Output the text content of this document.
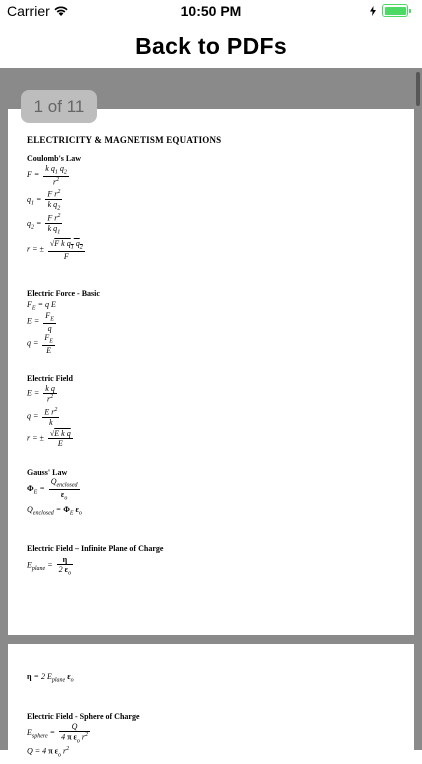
Carrier	10:50 PM
Back to PDFs
1 of 11
ELECTRICITY & MAGNETISM EQUATIONS
Coulomb's Law
$F = \frac{k q_1 q_2}{r^2}$
$q_1 = \frac{F r^2}{k q_2}$
$q_2 = \frac{F r^2}{k q_1}$
r = ± $\frac{√F k q_1 q_2}{F}$
Electric Force - Basic
$F_E = q$ E
$E = \frac{F_E}{q}$
$q = \frac{F_E}{E}$
Electric Field
$E = \frac{\text{k q}}{r^2}$
$q = \frac{E r^2}{k}$
r = ± $\frac{\text{√E k q}}{E}$
Gauss' Law
$\Phi_E = \frac{Q_{enclosed}}{\varepsilon_o}$
$Q_{enclosed} = \Phi_E$ $\varepsilon_o$
Electric Field – Infinite Plane of Charge
$E_{plane} = \frac{\eta}{2 \varepsilon_o}$
η = 2 $E_{plane}$ $\varepsilon_o$
Electric Field - Sphere of Charge
$E_{sphere} = \frac{Q}{4 \pi \varepsilon_o r^2}$
Q = 4 π $\varepsilon_o$ $r^2$
